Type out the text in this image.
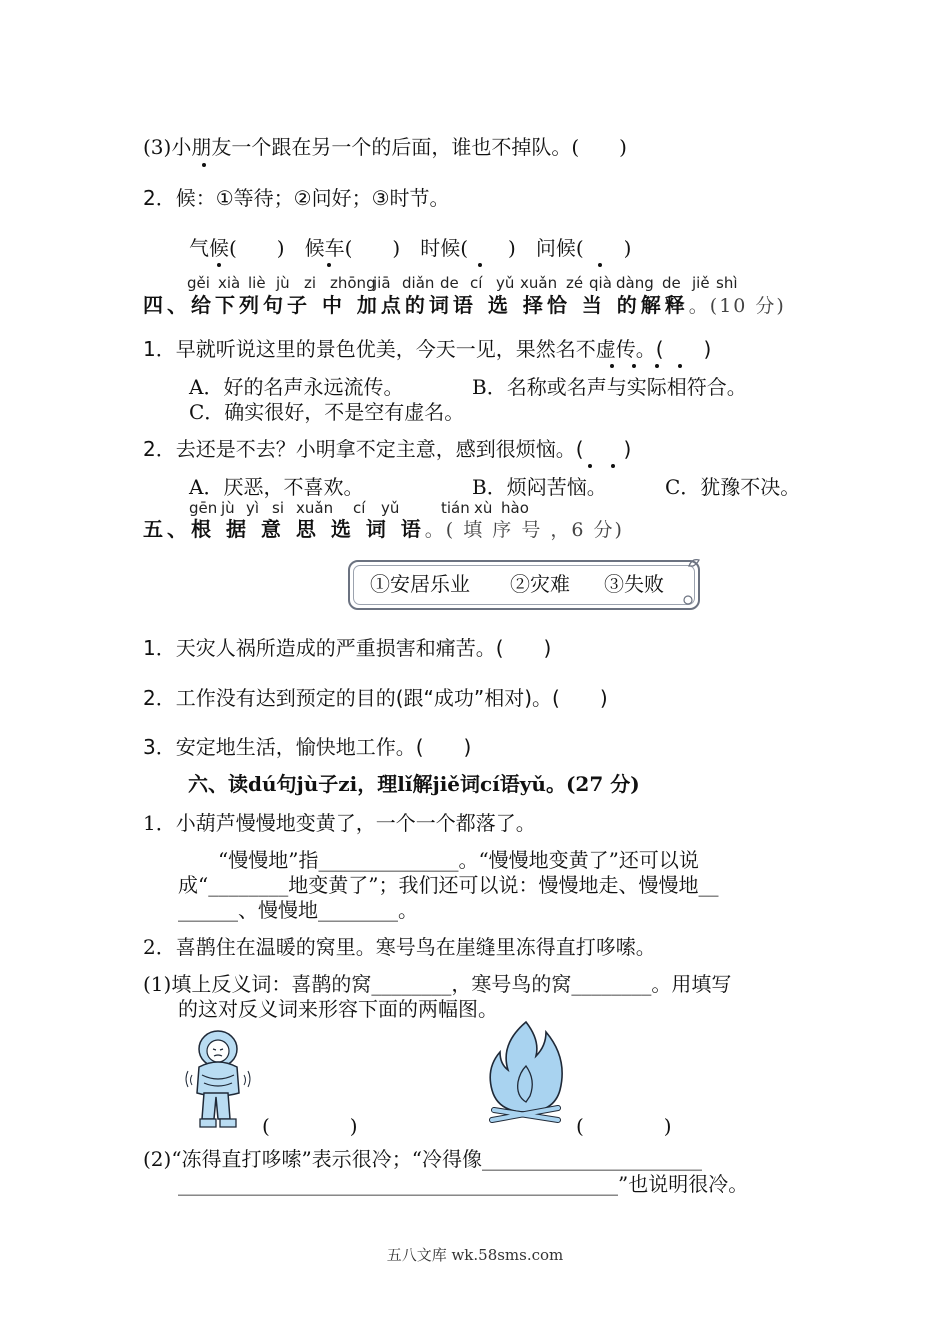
(3)小朋友一个跟在另一个的后面，谁也不掉队。(　　)
2．候：①等待；②问好；③时节。
气候(　　)　候车(　　)　时候(　　)　问候(　　)
gěi xià liè jù zi zhōng
jiā diǎn de cí yǔ xuǎn zé qià dàng de jiě shì
四、给下列句子 中 加点的词语 选 择恰 当 的解释。(10 分)
1．早就听说这里的景色优美，今天一见，果然名不虚传。(　　)
A．好的名声永远流传。	B．名称或名声与实际相符合。
C．确实很好，不是空有虚名。
2．去还是不去？小明拿不定主意，感到很烦恼。(　　)
A．厌恶，不喜欢。	B．烦闷苦恼。	C．犹豫不决。
gēn jù yì si xuǎn cí yǔ	tián xù hào
五、根 据 意 思 选 词 语。( 填 序 号 ，6 分)
①安居乐业 ②灾难 ③失败
1．天灾人祸所造成的严重损害和痛苦。(　　)
2．工作没有达到预定的目的(跟“成功”相对)。(　　)
3．安定地生活，愉快地工作。(　　)
六、读dú句jù子zi，理lǐ解jiě词cí语yǔ。(27 分)
1．小葫芦慢慢地变黄了，一个一个都落了。
　　“慢慢地”指______________。“慢慢地变黄了”还可以说
成“________地变黄了”；我们还可以说：慢慢地走、慢慢地__
______、慢慢地________。
2．喜鹊住在温暖的窝里。寒号鸟在崖缝里冻得直打哆嗦。
(1)填上反义词：喜鹊的窝________，寒号鸟的窝________。用填写
的这对反义词来形容下面的两幅图。
(　　　　)	(　　　　)
(2)“冻得直打哆嗦”表示很冷；“冷得像______________________
____________________________________________”也说明很冷。
五八文库 wk.58sms.com
